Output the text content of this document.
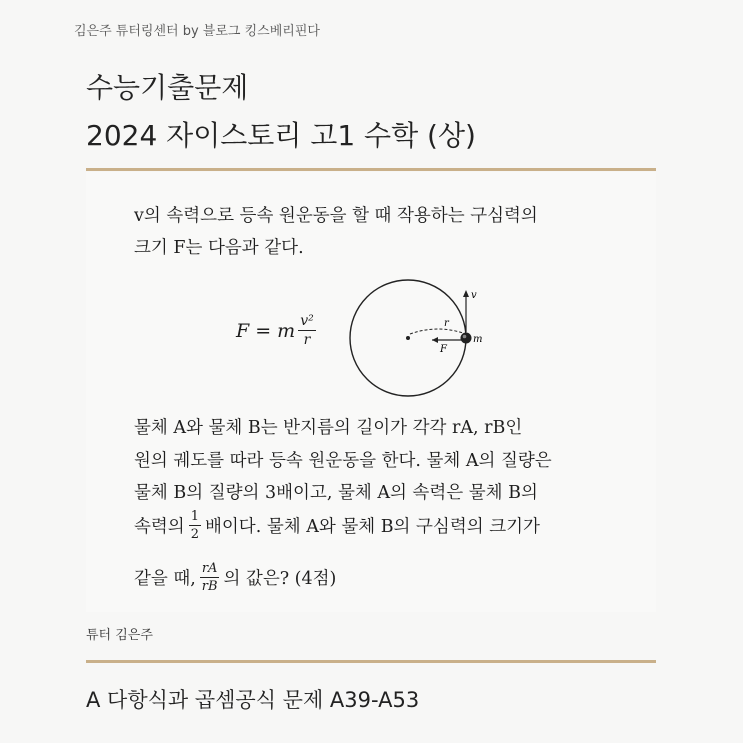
김은주 튜터링센터 by 블로그 킹스베리핀다
수능기출문제
2024 자이스토리 고1 수학 (상)
v의 속력으로 등속 원운동을 할 때 작용하는 구심력의
크기 F는 다음과 같다.
F = m $\frac{\text{v²}}{r}$
v
r
F
m
물체 A와 물체 B는 반지름의 길이가 각각 rA, rB인
원의 궤도를 따라 등속 원운동을 한다. 물체 A의 질량은
물체 B의 질량의 3배이고, 물체 A의 속력은 물체 B의
속력의 $\frac{1}{2}$ 배이다. 물체 A와 물체 B의 구심력의 크기가
같을 때, $\frac{rA}{rB}$ 의 값은? (4점)
튜터 김은주
A 다항식과 곱셈공식 문제 A39-A53
